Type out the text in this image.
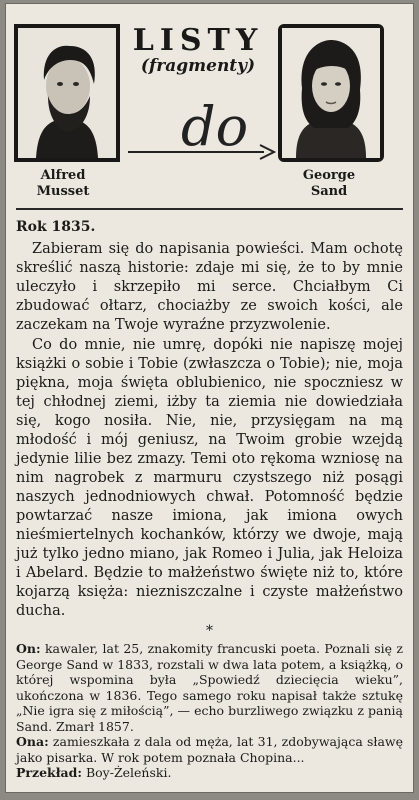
LISTY
(fragmenty)
do
Alfred
Musset
George
Sand
Rok 1835.

Zabieram się do napisania powieści. Mam ochotę skreślić naszą historie: zdaje mi się, że to by mnie uleczyło i skrzepiło mi serce. Chciałbym Ci zbudować ołtarz, chociażby ze swoich kości, ale zaczekam na Twoje wyraźne przyzwolenie.

Co do mnie, nie umrę, dopóki nie napiszę mojej książki o sobie i Tobie (zwłaszcza o Tobie); nie, moja piękna, moja święta oblubienico, nie spoczniesz w tej chłodnej ziemi, iżby ta ziemia nie dowiedziała się, kogo nosiła. Nie, nie, przysięgam na mą młodość i mój geniusz, na Twoim grobie wzejdą jedynie lilie bez zmazy. Temi oto rękoma wzniosę na nim nagrobek z marmuru czystszego niż posągi naszych jednodniowych chwał. Potomność będzie powtarzać nasze imiona, jak imiona owych nieśmiertelnych kochanków, którzy we dwoje, mają już tylko jedno miano, jak Romeo i Julia, jak Heloiza i Abelard. Będzie to małżeństwo święte niż to, które kojarzą księża: niezniszczalne i czyste małżeństwo ducha.

*

On: kawaler, lat 25, znakomity francuski poeta. Poznali się z George Sand w 1833, rozstali w dwa lata potem, a książką, o której wspomina była „Spowiedź dziecięcia wieku”, ukończona w 1836. Tego samego roku napisał także sztukę „Nie igra się z miłością”, — echo burzliwego związku z panią Sand. Zmarł 1857.

Ona: zamieszkała z dala od męża, lat 31, zdobywająca sławę jako pisarka. W rok potem poznała Chopina...

Przekład: Boy-Żeleński.
